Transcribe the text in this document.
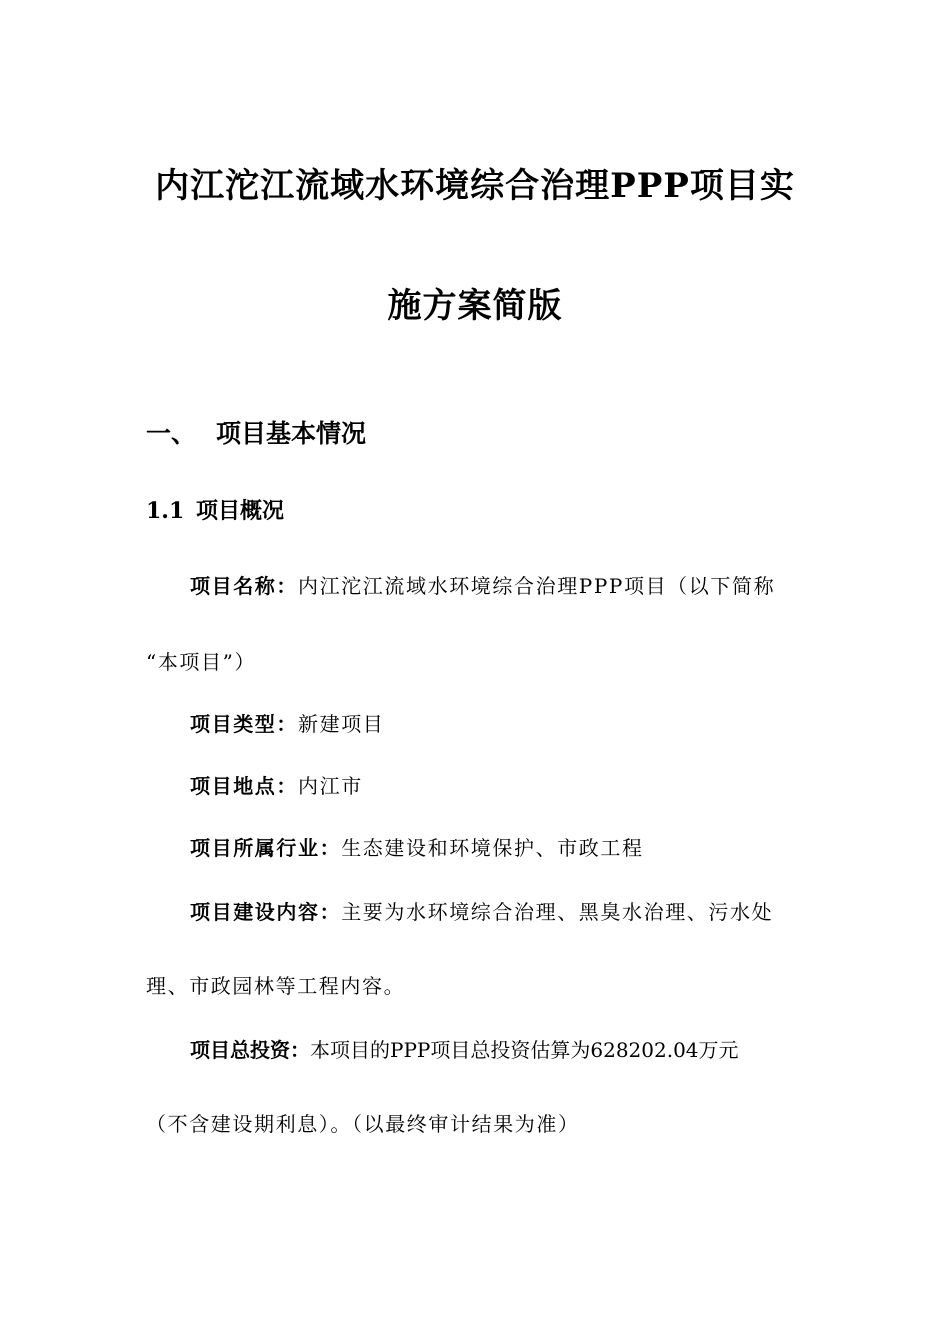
内江沱江流域水环境综合治理PPP项目实
施方案简版
一、 项目基本情况
1.1 项目概况
项目名称：内江沱江流域水环境综合治理PPP项目（以下简称
“本项目”）
项目类型：新建项目
项目地点：内江市
项目所属行业：生态建设和环境保护、市政工程
项目建设内容：主要为水环境综合治理、黑臭水治理、污水处
理、市政园林等工程内容。
项目总投资：本项目的PPP项目总投资估算为628202.04万元
（不含建设期利息）。（以最终审计结果为准）
